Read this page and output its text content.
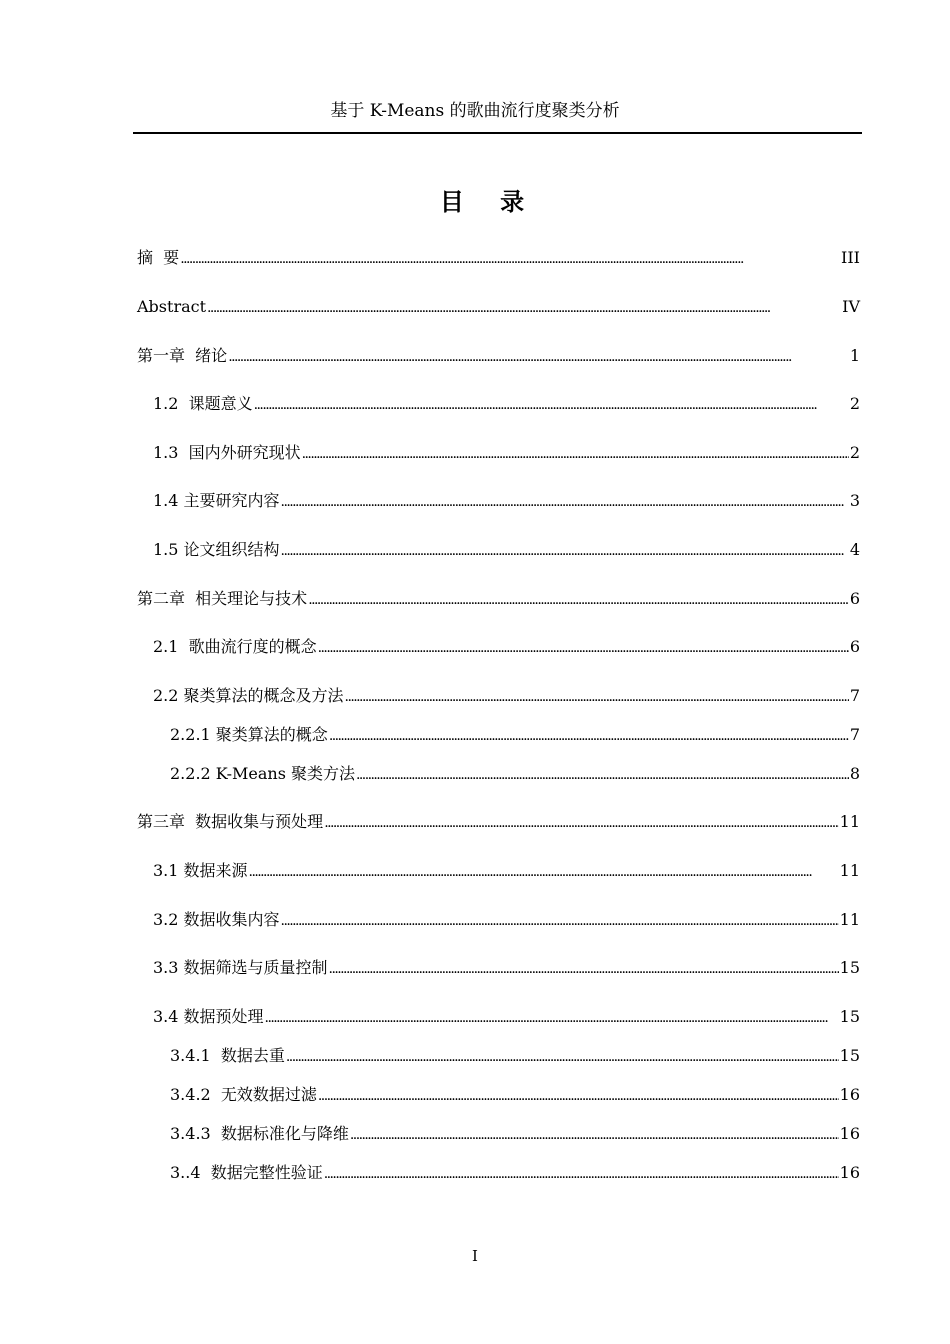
基于 K-Means 的歌曲流行度聚类分析
目 录
摘  要 . . .	III
Abstract . . .	IV
第一章  绪论 . . .	1
1.2  课题意义 . . .	2
1.3  国内外研究现状 . . .	2
1.4 主要研究内容 . . .	3
1.5 论文组织结构 . . .	4
第二章  相关理论与技术 . . .	6
2.1  歌曲流行度的概念 . . .	6
2.2 聚类算法的概念及方法 . . .	7
2.2.1 聚类算法的概念 . . .	7
2.2.2 K-Means 聚类方法 . . .	8
第三章  数据收集与预处理 . . .	11
3.1 数据来源 . . .	11
3.2 数据收集内容 . . .	11
3.3 数据筛选与质量控制 . . .	15
3.4 数据预处理 . . .	15
3.4.1  数据去重 . . .	15
3.4.2  无效数据过滤 . . .	16
3.4.3  数据标准化与降维 . . .	16
3..4  数据完整性验证 . . .	16
I
